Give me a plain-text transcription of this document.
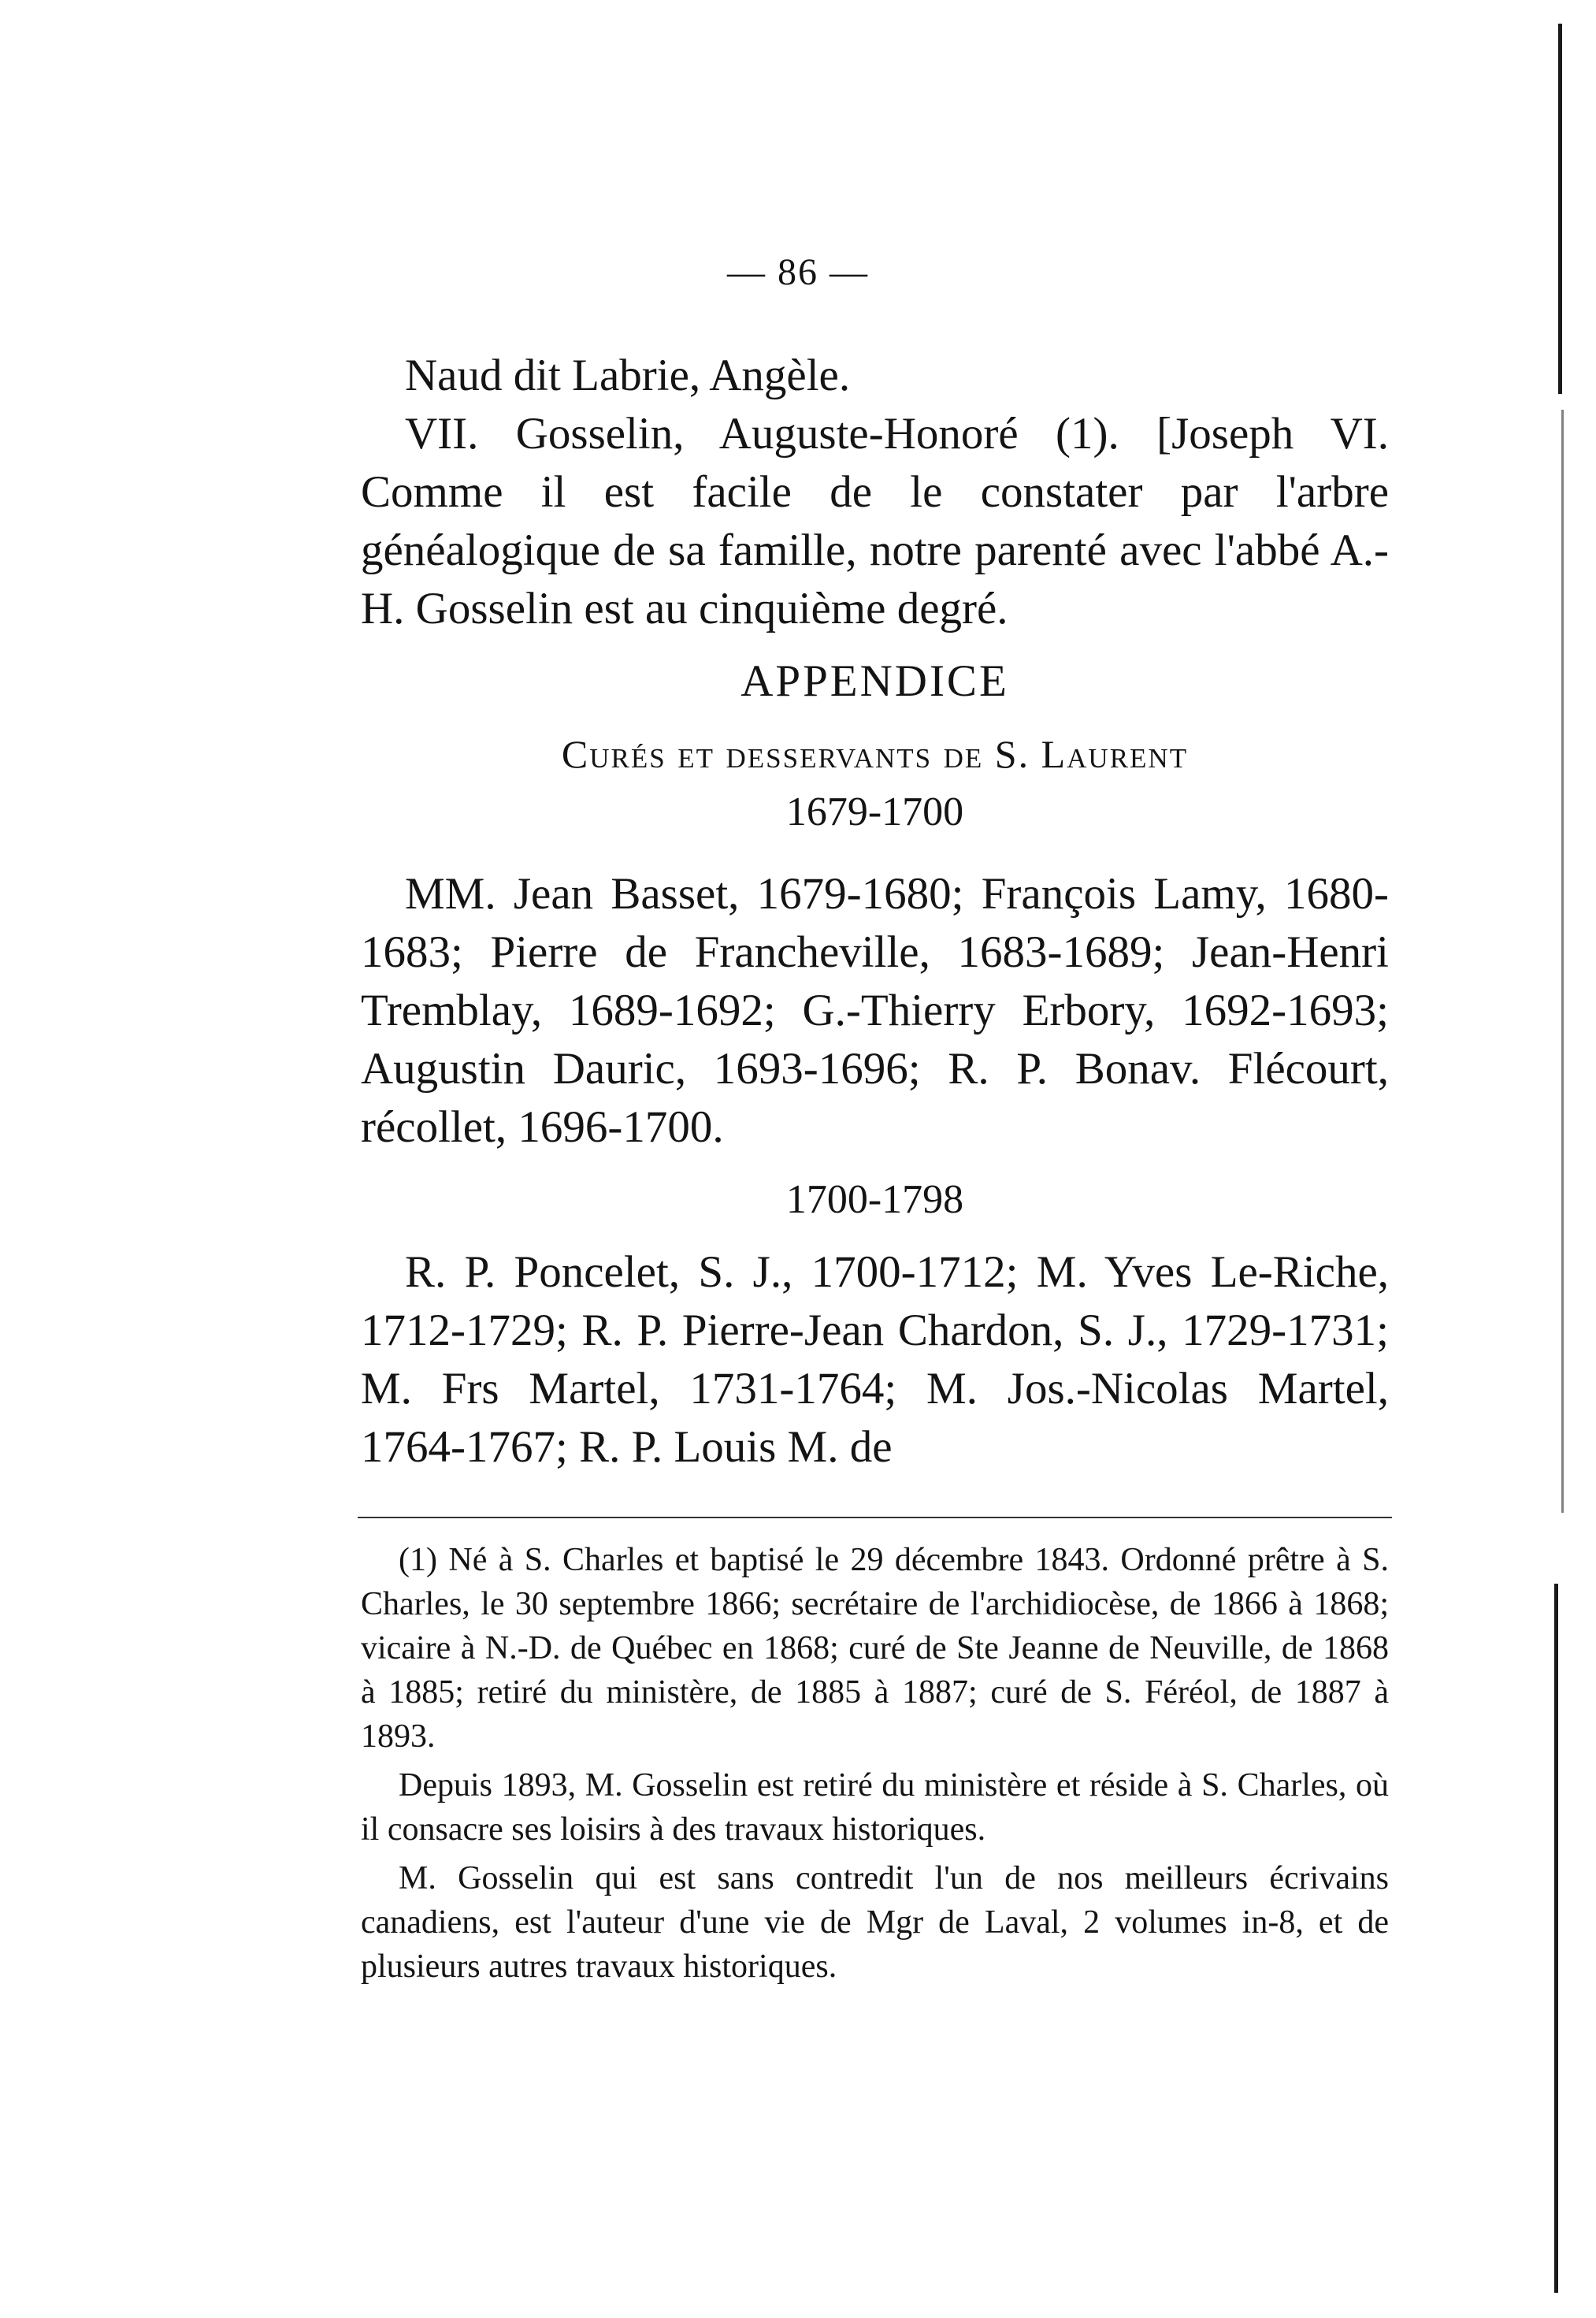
— 86 —

Naud dit Labrie, Angèle.

VII. Gosselin, Auguste-Honoré (1). [Joseph VI. Comme il est facile de le constater par l'arbre généalogique de sa famille, notre parenté avec l'abbé A.-H. Gosselin est au cinquième degré.

APPENDICE

Curés et desservants de S. Laurent

1679-1700

MM. Jean Basset, 1679-1680; François Lamy, 1680-1683; Pierre de Francheville, 1683-1689; Jean-Henri Tremblay, 1689-1692; G.-Thierry Erbory, 1692-1693; Augustin Dauric, 1693-1696; R. P. Bonav. Flécourt, récollet, 1696-1700.

1700-1798

R. P. Poncelet, S. J., 1700-1712; M. Yves Le-Riche, 1712-1729; R. P. Pierre-Jean Chardon, S. J., 1729-1731; M. Frs Martel, 1731-1764; M. Jos.-Nicolas Martel, 1764-1767; R. P. Louis M. de

(1) Né à S. Charles et baptisé le 29 décembre 1843. Ordonné prêtre à S. Charles, le 30 septembre 1866; secrétaire de l'archidiocèse, de 1866 à 1868; vicaire à N.-D. de Québec en 1868; curé de Ste Jeanne de Neuville, de 1868 à 1885; retiré du ministère, de 1885 à 1887; curé de S. Féréol, de 1887 à 1893.

Depuis 1893, M. Gosselin est retiré du ministère et réside à S. Charles, où il consacre ses loisirs à des travaux historiques.

M. Gosselin qui est sans contredit l'un de nos meilleurs écrivains canadiens, est l'auteur d'une vie de Mgr de Laval, 2 volumes in-8, et de plusieurs autres travaux historiques.
